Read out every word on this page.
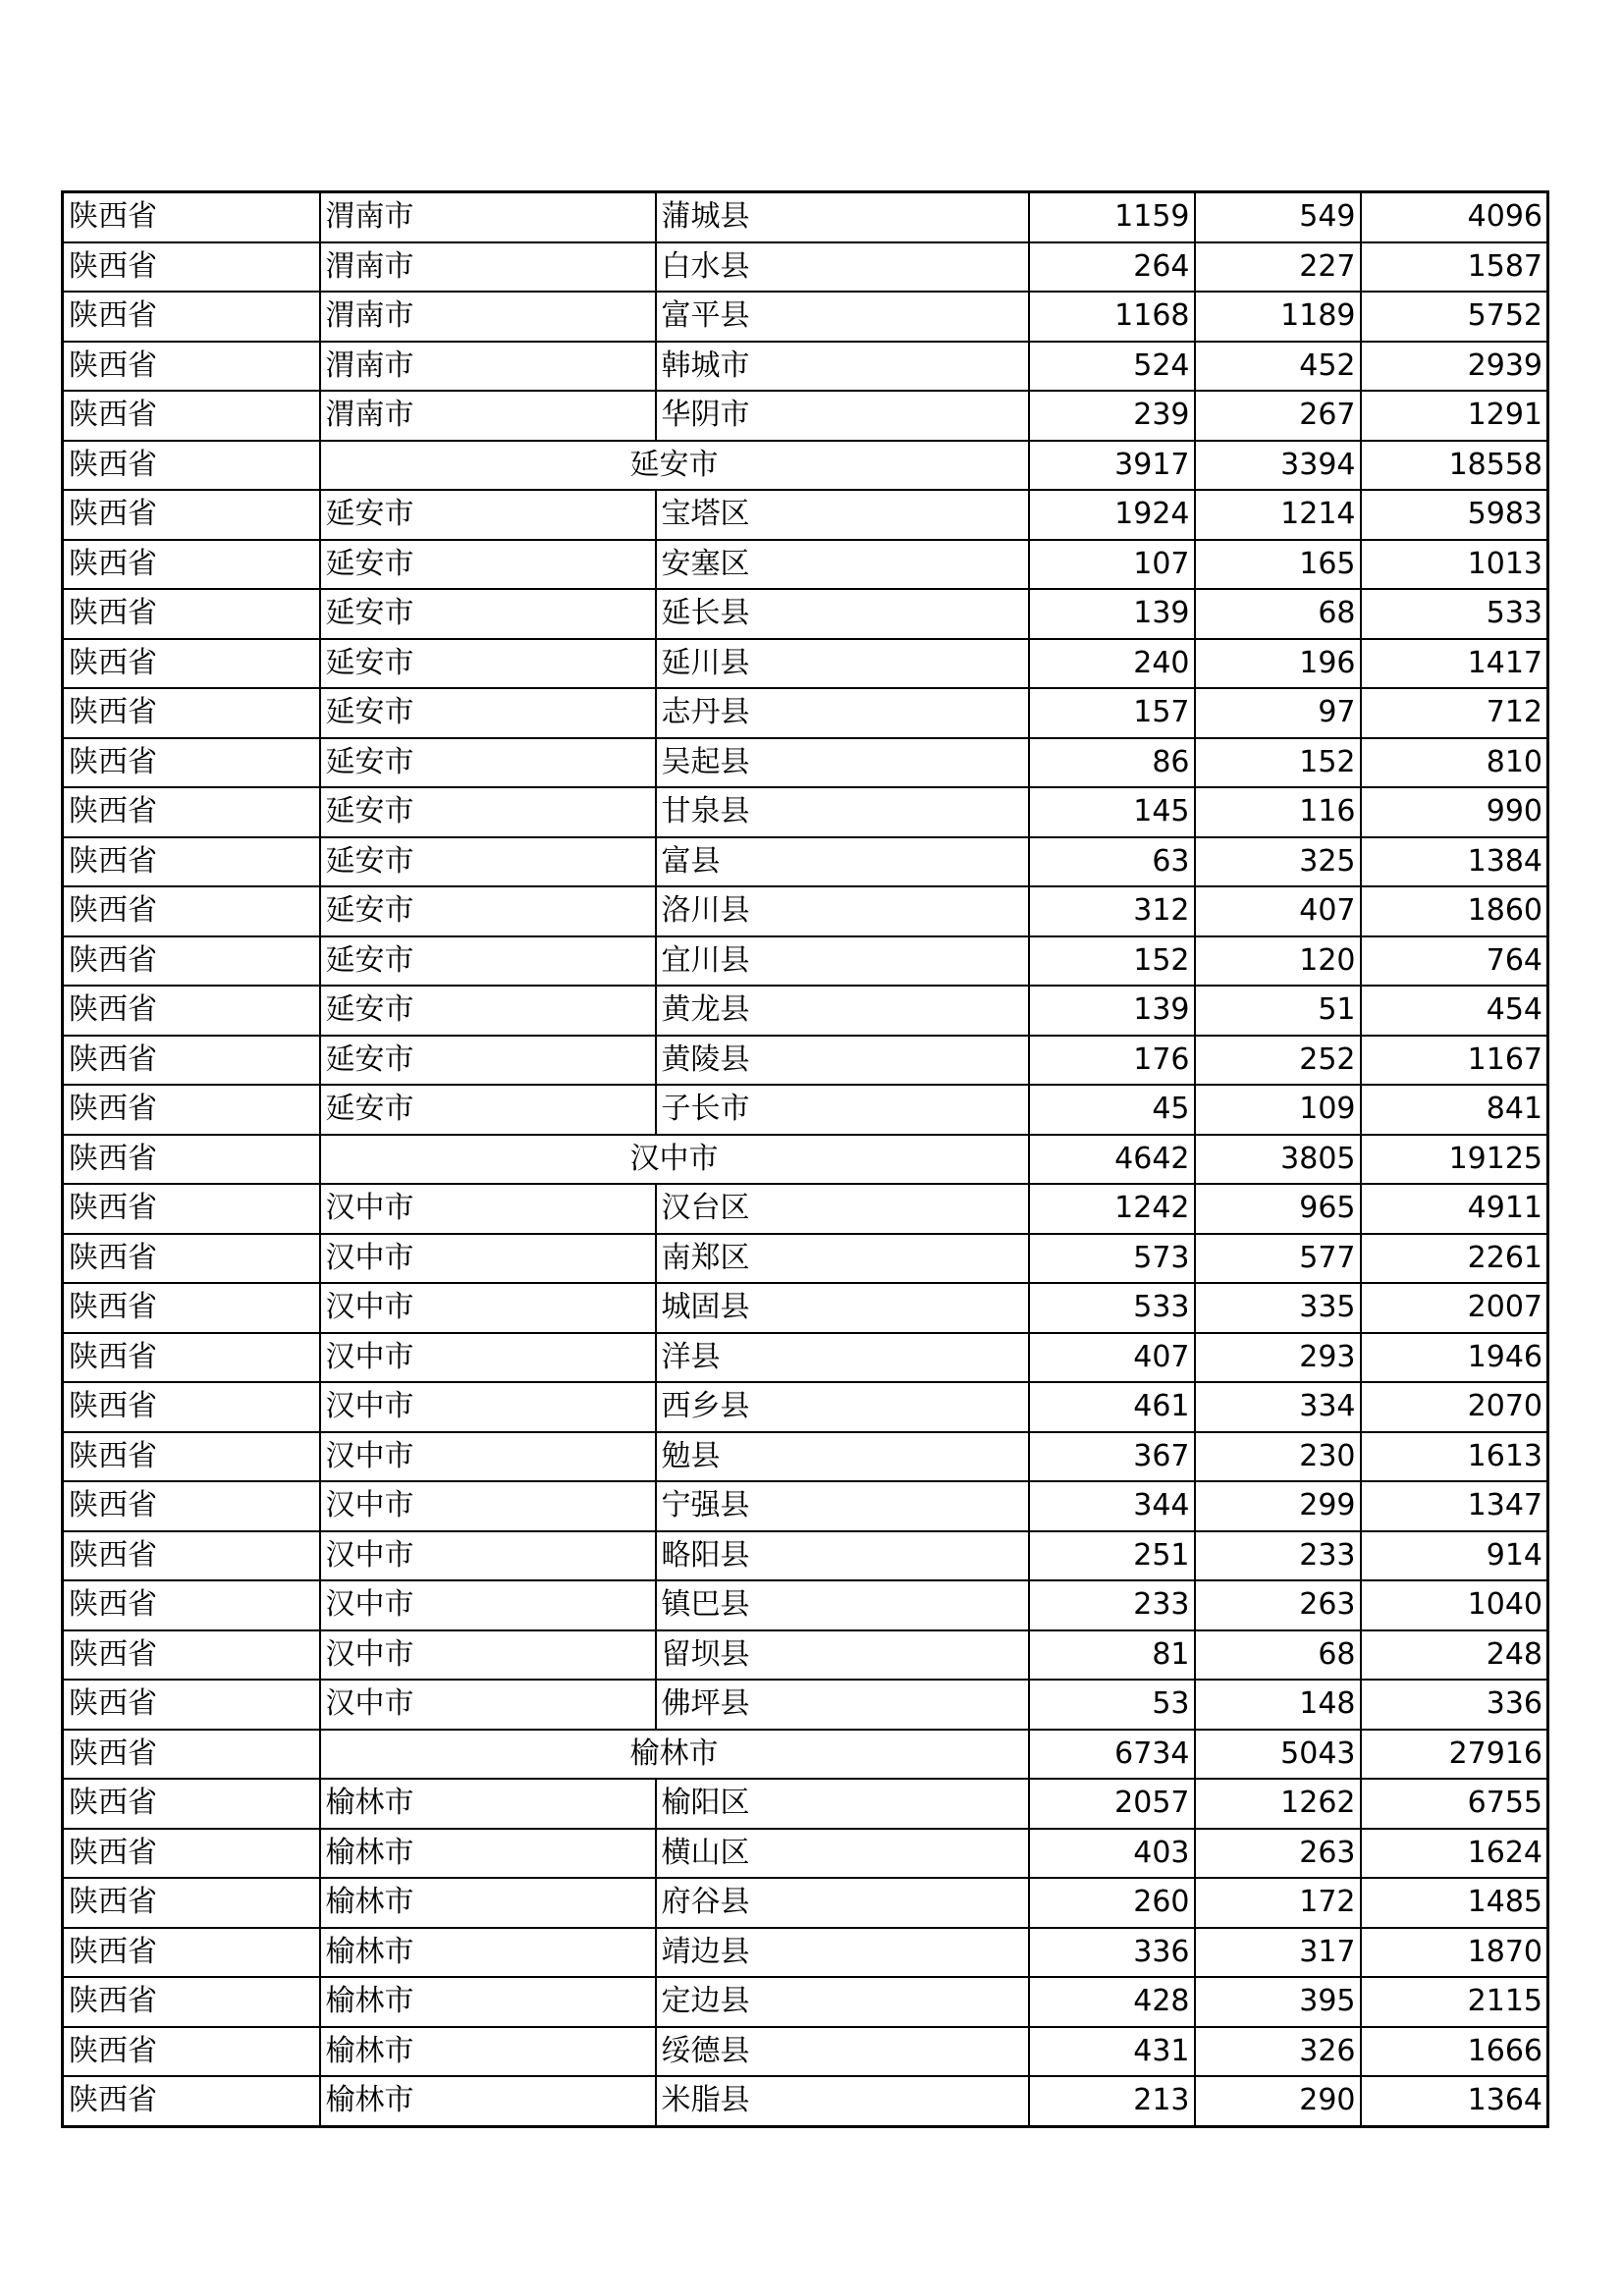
陕西省	渭南市	蒲城县	1159	549	4096
陕西省	渭南市	白水县	264	227	1587
陕西省	渭南市	富平县	1168	1189	5752
陕西省	渭南市	韩城市	524	452	2939
陕西省	渭南市	华阴市	239	267	1291
陕西省	延安市		3917	3394	18558
陕西省	延安市	宝塔区	1924	1214	5983
陕西省	延安市	安塞区	107	165	1013
陕西省	延安市	延长县	139	68	533
陕西省	延安市	延川县	240	196	1417
陕西省	延安市	志丹县	157	97	712
陕西省	延安市	吴起县	86	152	810
陕西省	延安市	甘泉县	145	116	990
陕西省	延安市	富县	63	325	1384
陕西省	延安市	洛川县	312	407	1860
陕西省	延安市	宜川县	152	120	764
陕西省	延安市	黄龙县	139	51	454
陕西省	延安市	黄陵县	176	252	1167
陕西省	延安市	子长市	45	109	841
陕西省	汉中市		4642	3805	19125
陕西省	汉中市	汉台区	1242	965	4911
陕西省	汉中市	南郑区	573	577	2261
陕西省	汉中市	城固县	533	335	2007
陕西省	汉中市	洋县	407	293	1946
陕西省	汉中市	西乡县	461	334	2070
陕西省	汉中市	勉县	367	230	1613
陕西省	汉中市	宁强县	344	299	1347
陕西省	汉中市	略阳县	251	233	914
陕西省	汉中市	镇巴县	233	263	1040
陕西省	汉中市	留坝县	81	68	248
陕西省	汉中市	佛坪县	53	148	336
陕西省	榆林市		6734	5043	27916
陕西省	榆林市	榆阳区	2057	1262	6755
陕西省	榆林市	横山区	403	263	1624
陕西省	榆林市	府谷县	260	172	1485
陕西省	榆林市	靖边县	336	317	1870
陕西省	榆林市	定边县	428	395	2115
陕西省	榆林市	绥德县	431	326	1666
陕西省	榆林市	米脂县	213	290	1364
